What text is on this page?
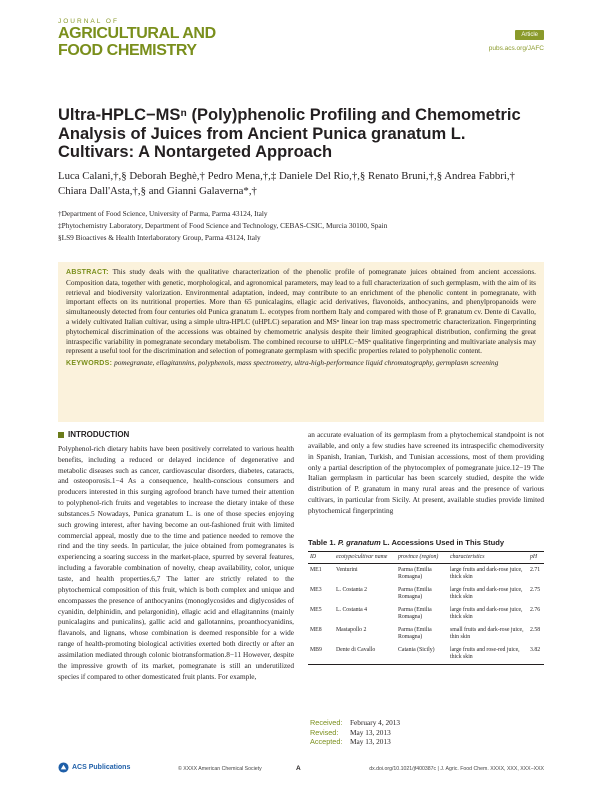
JOURNAL OF
AGRICULTURAL AND
FOOD CHEMISTRY
Article
pubs.acs.org/JAFC
Ultra-HPLC−MSⁿ (Poly)phenolic Profiling and Chemometric Analysis of Juices from Ancient Punica granatum L. Cultivars: A Nontargeted Approach
Luca Calani,†,§ Deborah Beghè,† Pedro Mena,†,‡ Daniele Del Rio,†,§ Renato Bruni,†,§ Andrea Fabbri,† Chiara Dall'Asta,†,§ and Gianni Galaverna*,†
†Department of Food Science, University of Parma, Parma 43124, Italy
‡Phytochemistry Laboratory, Department of Food Science and Technology, CEBAS-CSIC, Murcia 30100, Spain
§LS9 Bioactives & Health Interlaboratory Group, Parma 43124, Italy
ABSTRACT: This study deals with the qualitative characterization of the phenolic profile of pomegranate juices obtained from ancient accessions. Composition data, together with genetic, morphological, and agronomical parameters, may lead to a full characterization of such germplasm, with the aim of its retrieval and biodiversity valorization. Environmental adaptation, indeed, may contribute to an enrichment of the phenolic content in pomegranate, with important effects on its nutritional properties. More than 65 punicalagins, ellagic acid derivatives, flavonoids, anthocyanins, and phenylpropanoids were simultaneously detected from four centuries old Punica granatum L. ecotypes from northern Italy and compared with those of P. granatum cv. Dente di Cavallo, a widely cultivated Italian cultivar, using a simple ultra-HPLC (uHPLC) separation and MSⁿ linear ion trap mass spectrometric characterization. Fingerprinting phytochemical discrimination of the accessions was obtained by chemometric analysis despite their limited geographical distribution, confirming the great intraspecific variability in pomegranate secondary metabolism. The combined recourse to uHPLC−MSⁿ qualitative fingerprinting and multivariate analysis may represent a useful tool for the discrimination and selection of pomegranate germplasm with specific properties related to polyphenolic content.
KEYWORDS: pomegranate, ellagitannins, polyphenols, mass spectrometry, ultra-high-performance liquid chromatography, germplasm screening
INTRODUCTION

Polyphenol-rich dietary habits have been positively correlated to various health benefits, including a reduced or delayed incidence of degenerative and metabolic diseases such as cancer, cardiovascular disorders, diabetes, cataracts, and osteoporosis.1−4 As a consequence, health-conscious consumers and producers interested in this surging agrofood branch have turned their attention to polyphenol-rich fruits and vegetables to increase the dietary intake of these substances.5 Nowadays, Punica granatum L. is one of those species enjoying such growing interest, after having become an out-fashioned fruit with limited commercial appeal, mostly due to the time and patience needed to remove the rind and the tiny seeds. In particular, the juice obtained from pomegranates is experiencing a soaring success in the market-place, spurred by several features, including a favorable combination of novelty, cheap availability, color, unique taste, and health properties.6,7 The latter are strictly related to the phytochemical composition of this fruit, which is both complex and unique and encompasses the presence of anthocyanins (monoglycosides and diglycosides of cyanidin, delphinidin, and pelargonidin), ellagic acid and ellagitannins (mainly punicalagins and punicalins), gallic acid and gallotannins, proanthocyanidins, flavanols, and lignans, whose combination is deemed responsible for a wide range of health-promoting biological activities exerted both directly or after an assimilation mediated through colonic biotransformation.8−11 However, despite the impressive growth of its market, pomegranate is still an underutilized species if compared to other domesticated fruit plants. For example,

an accurate evaluation of its germplasm from a phytochemical standpoint is not available, and only a few studies have screened its intraspecific chemodiversity in Spanish, Iranian, Turkish, and Tunisian accessions, most of them providing only a partial description of the phytocomplex of pomegranate juice.12−19 The Italian germplasm in particular has been scarcely studied, despite the wide distribution of P. granatum in many rural areas and the presence of various cultivars, in particular from Sicily. At present, available studies provide limited phytochemical fingerprinting

Table 1. P. granatum L. Accessions Used in This Study
ID	ecotype/cultivar name	province (region)	characteristics	pH
ME1	Venturini	Parma (Emilia Romagna)	large fruits and dark-rose juice, thick skin	2.71
ME3	L. Costanta 2	Parma (Emilia Romagna)	large fruits and dark-rose juice, thick skin	2.75
ME5	L. Costanta 4	Parma (Emilia Romagna)	large fruits and dark-rose juice, thick skin	2.76
ME8	Mastapollo 2	Parma (Emilia Romagna)	small fruits and dark-rose juice, thin skin	2.58
MB9	Dente di Cavallo	Catania (Sicily)	large fruits and rose-red juice, thick skin	3.82
Received: February 4, 2013
Revised: May 13, 2013
Accepted: May 13, 2013
ACS Publications	© XXXX American Chemical Society	A	dx.doi.org/10.1021/jf400387c | J. Agric. Food Chem. XXXX, XXX, XXX−XXX
